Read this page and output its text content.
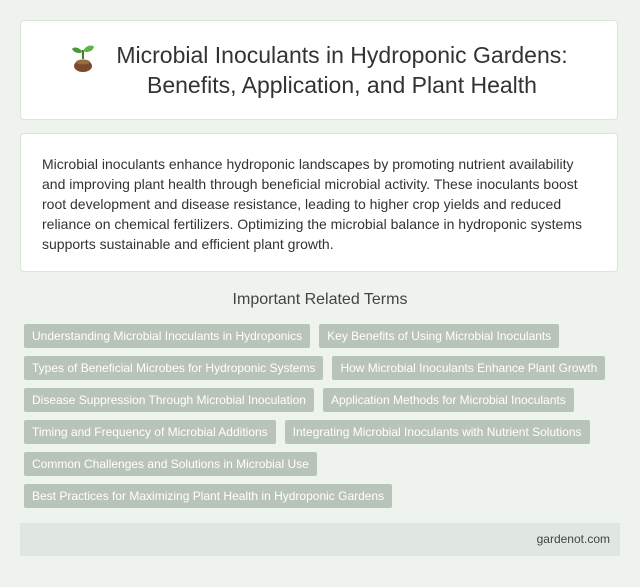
Microbial Inoculants in Hydroponic Gardens:
Benefits, Application, and Plant Health

Microbial inoculants enhance hydroponic landscapes by promoting nutrient availability and improving plant health through beneficial microbial activity. These inoculants boost root development and disease resistance, leading to higher crop yields and reduced reliance on chemical fertilizers. Optimizing the microbial balance in hydroponic systems supports sustainable and efficient plant growth.

Important Related Terms
Understanding Microbial Inoculants in Hydroponics	Key Benefits of Using Microbial Inoculants
Types of Beneficial Microbes for Hydroponic Systems	How Microbial Inoculants Enhance Plant Growth
Disease Suppression Through Microbial Inoculation	Application Methods for Microbial Inoculants
Timing and Frequency of Microbial Additions	Integrating Microbial Inoculants with Nutrient Solutions
Common Challenges and Solutions in Microbial Use
Best Practices for Maximizing Plant Health in Hydroponic Gardens
gardenot.com
